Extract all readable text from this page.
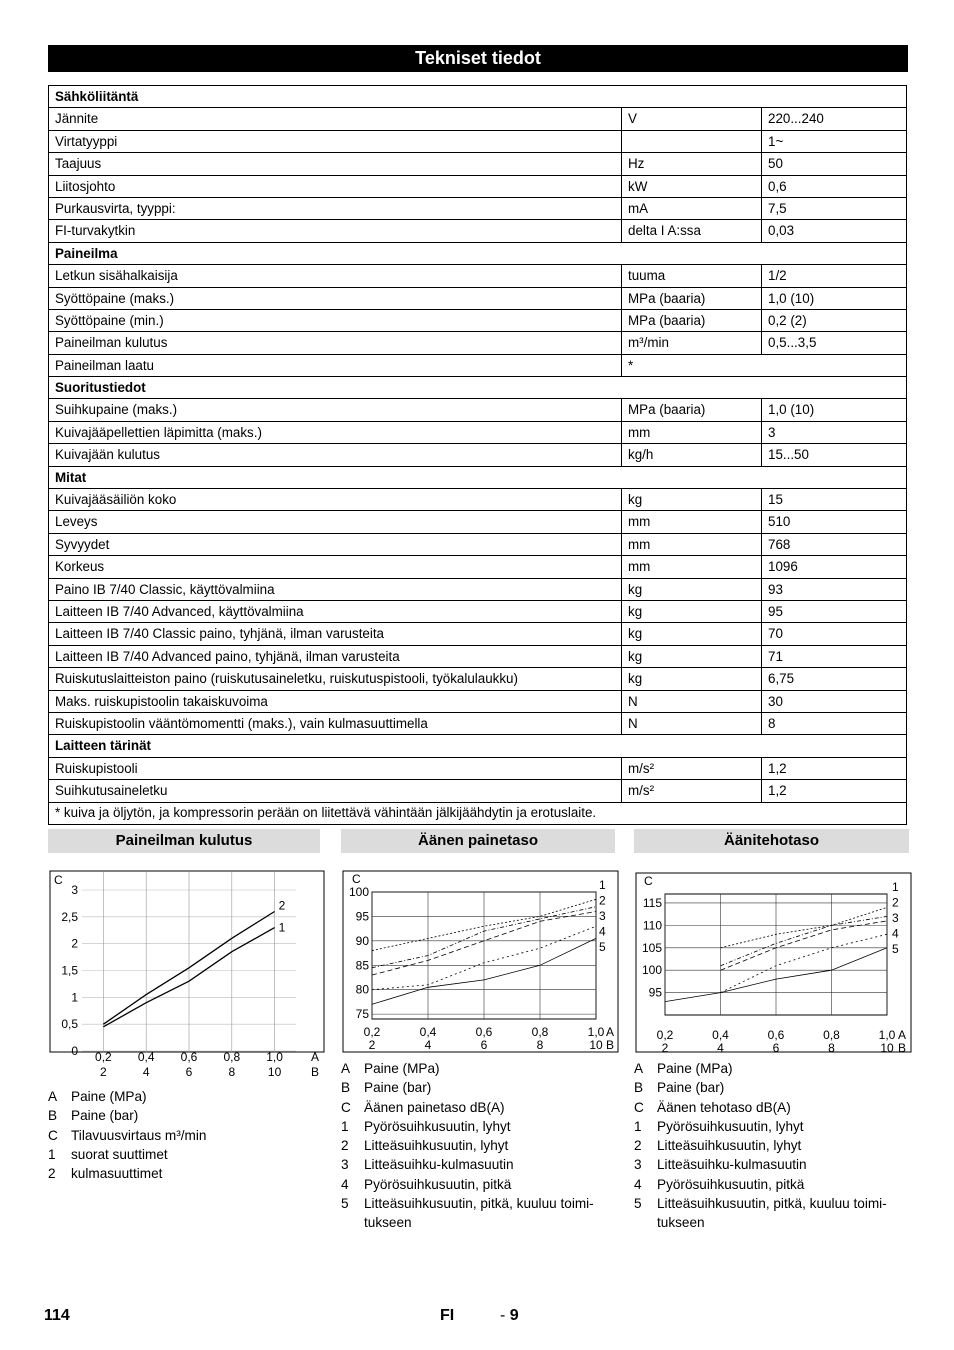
Tekniset tiedot
Sähköliitäntä		
Jännite	V	220...240
Virtatyyppi		1~
Taajuus	Hz	50
Liitosjohto	kW	0,6
Purkausvirta, tyyppi:	mA	7,5
FI-turvakytkin	delta I A:ssa	0,03
Paineilma		
Letkun sisähalkaisija	tuuma	1/2
Syöttöpaine (maks.)	MPa (baaria)	1,0 (10)
Syöttöpaine (min.)	MPa (baaria)	0,2 (2)
Paineilman kulutus	m³/min	0,5...3,5
Paineilman laatu	*	
Suoritustiedot		
Suihkupaine (maks.)	MPa (baaria)	1,0 (10)
Kuivajääpellettien läpimitta (maks.)	mm	3
Kuivajään kulutus	kg/h	15...50
Mitat		
Kuivajääsäiliön koko	kg	15
Leveys	mm	510
Syvyydet	mm	768
Korkeus	mm	1096
Paino IB 7/40 Classic, käyttövalmiina	kg	93
Laitteen IB 7/40 Advanced, käyttövalmiina	kg	95
Laitteen IB 7/40 Classic paino, tyhjänä, ilman varusteita	kg	70
Laitteen IB 7/40 Advanced paino, tyhjänä, ilman varusteita	kg	71
Ruiskutuslaitteiston paino (ruiskutusaineletku, ruiskutuspistooli, työkalulaukku)	kg	6,75
Maks. ruiskupistoolin takaiskuvoima	N	30
Ruiskupistoolin vääntömomentti (maks.), vain kulmasuuttimella	N	8
Laitteen tärinät		
Ruiskupistooli	m/s²	1,2
Suihkutusaineletku	m/s²	1,2
* kuiva ja öljytön, ja kompressorin perään on liitettävä vähintään jälkijäähdytin ja erotuslaite.		
Paineilman kulutus	Äänen painetaso	Äänitehotaso
0
0,5
1
1,5
2
2,5
3
0,2
2
0,4
4
0,6
6
0,8
8
1,0
10
C
A
B
1
2
75
80
85
90
95
100
0,2
2
0,4
4
0,6
6
0,8
8
1,0
10
C
A
B
1
2
3
4
5
95
100
105
110
115
0,2
2
0,4
4
0,6
6
0,8
8
1,0
10
C
A
B
1
2
3
4
5
A	Paine (MPa)
B	Paine (bar)
C Tilavuusvirtaus m³/min
1	suorat suuttimet
2	kulmasuuttimet
A	Paine (MPa)
B	Paine (bar)
C Äänen painetaso dB(A)
1	Pyörösuihkusuutin, lyhyt
2	Litteäsuihkusuutin, lyhyt
3	Litteäsuihku-kulmasuutin
4	Pyörösuihkusuutin, pitkä
5	Litteäsuihkusuutin, pitkä, kuuluu toimi-tukseen
A	Paine (MPa)
B	Paine (bar)
C Äänen tehotaso dB(A)
1	Pyörösuihkusuutin, lyhyt
2	Litteäsuihkusuutin, lyhyt
3	Litteäsuihku-kulmasuutin
4	Pyörösuihkusuutin, pitkä
5	Litteäsuihkusuutin, pitkä, kuuluu toimi-tukseen
114	FI	- 9
